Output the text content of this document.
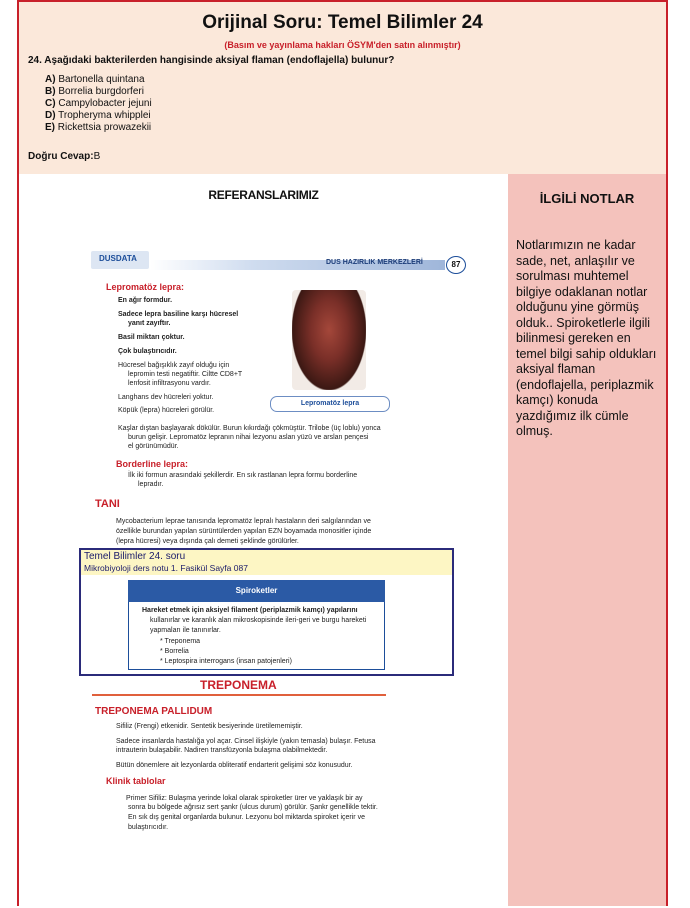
Orijinal Soru: Temel Bilimler 24
(Basım ve yayınlama hakları ÖSYM'den satın alınmıştır)
24. Aşağıdaki bakterilerden hangisinde aksiyal flaman (endoflajella) bulunur?
A) Bartonella quintana
B) Borrelia burgdorferi
C) Campylobacter jejuni
D) Tropheryma whipplei
E) Rickettsia prowazekii
Doğru Cevap:B
REFERANSLARIMIZ	İLGİLİ NOTLAR
Notlarımızın ne kadar sade, net, anlaşılır ve sorulması muhtemel bilgiye odaklanan notlar olduğunu yine görmüş olduk.. Spiroketlerle ilgili bilinmesi gereken en temel bilgi sahip oldukları aksiyal flaman (endoflajella, periplazmik kamçı) konuda yazdığımız ilk cümle olmuş.
DUSDATA	DUS HAZIRLIK MERKEZLERİ	87
Lepromatöz lepra:
En ağır formdur.
Sadece lepra basiline karşı hücresel
yanıt zayıftır.
Basil miktarı çoktur.
Çok bulaştırıcıdır.
Hücresel bağışıklık zayıf olduğu için
lepromin testi negatiftir. Ciltte CD8+T
lenfosit infiltrasyonu vardır.
Langhans dev hücreleri yoktur.
Köpük (lepra) hücreleri görülür.
Kaşlar dıştan başlayarak dökülür. Burun kıkırdağı çökmüştür. Trilobe (üç loblu) yonca
burun gelişir. Lepromatöz lepranın nihai lezyonu aslan yüzü ve arslan pençesi
el görünümüdür.
Lepromatöz lepra
Borderline lepra:
İlk iki formun arasındaki şekillerdir. En sık rastlanan lepra formu borderline
lepradır.
TANI
Mycobacterium leprae tanısında lepromatöz lepralı hastaların deri salgılarından ve
özellikle burundan yapılan sürüntülerden yapılan EZN boyamada monositler içinde
(lepra hücresi) veya dışında çalı demeti şeklinde görülürler.
Temel Bilimler 24. soru
Mikrobiyoloji ders notu 1. Fasikül Sayfa 087
Spiroketler
Hareket etmek için aksiyel filament (periplazmik kamçı) yapılarını
kullanırlar ve karanlık alan mikroskopisinde ileri-geri ve burgu hareketi
yapmaları ile tanınırlar.
* Treponema
* Borrelia
* Leptospira interrogans (insan patojenleri)
TREPONEMA
TREPONEMA PALLIDUM
Sifiliz (Frengi) etkenidir. Sentetik besiyerinde üretilememiştir.
Sadece insanlarda hastalığa yol açar. Cinsel ilişkiyle (yakın temasla) bulaşır. Fetusa
intrauterin bulaşabilir. Nadiren transfüzyonla bulaşma olabilmektedir.
Bütün dönemlere ait lezyonlarda obliteratif endarterit gelişimi söz konusudur.
Klinik tablolar
Primer Sifiliz: Bulaşma yerinde lokal olarak spiroketler ürer ve yaklaşık bir ay
sonra bu bölgede ağrısız sert şankr (ulcus durum) görülür. Şankr genellikle tektir.
En sık dış genital organlarda bulunur. Lezyonu bol miktarda spiroket içerir ve
bulaştırıcıdır.
